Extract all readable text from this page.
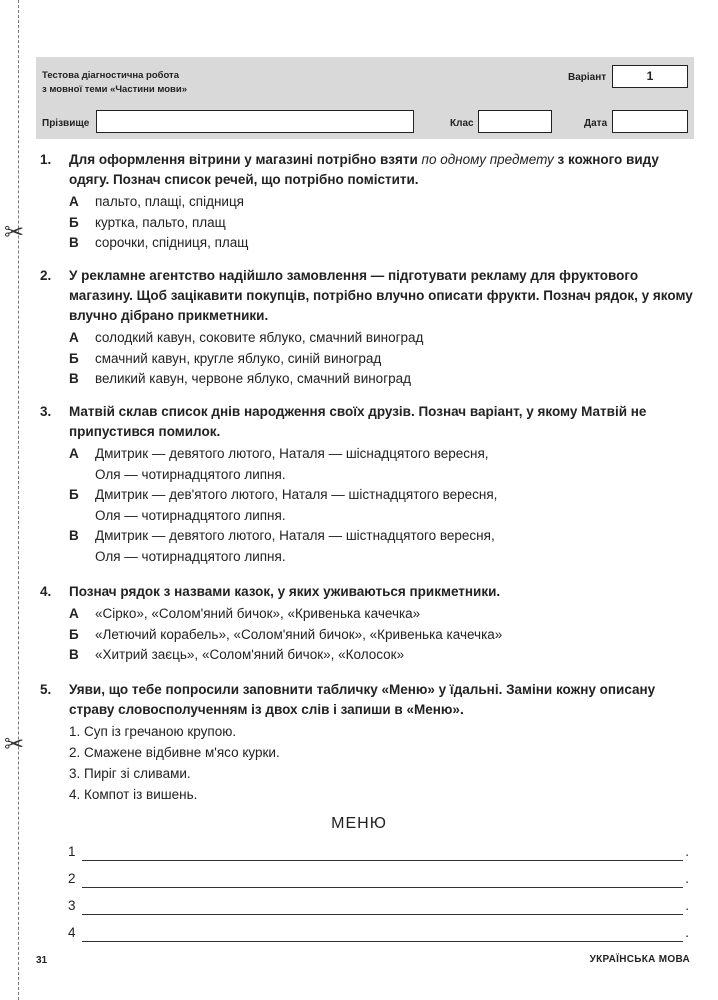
✂
✂
Тестова діагностична робота
з мовної теми «Частини мови»
Варіант	1
Прізвище	Клас	Дата
1. Для оформлення вітрини у магазині потрібно взяти по одному предмету з кожного виду одягу. Познач список речей, що потрібно помістити.
А пальто, плащі, спідниця
Б куртка, пальто, плащ
В сорочки, спідниця, плащ
2. У рекламне агентство надійшло замовлення — підготувати рекламу для фруктового магазину. Щоб зацікавити покупців, потрібно влучно описати фрукти. Познач рядок, у якому влучно дібрано прикметники.
А солодкий кавун, соковите яблуко, смачний виноград
Б смачний кавун, кругле яблуко, синій виноград
В великий кавун, червоне яблуко, смачний виноград
3. Матвій склав список днів народження своїх друзів. Познач варіант, у якому Матвій не припустився помилок.
А Дмитрик — девятого лютого, Наталя — шіснадцятого вересня,
Оля — чотирнадцятого липня.
Б Дмитрик — дев'ятого лютого, Наталя — шістнадцятого вересня,
Оля — чотирнадцятого липня.
В Дмитрик — девятого лютого, Наталя — шістнадцятого вересня,
Оля — чотирнадцятого липня.
4. Познач рядок з назвами казок, у яких уживаються прикметники.
А «Сірко», «Солом'яний бичок», «Кривенька качечка»
Б «Летючий корабель», «Солом'яний бичок», «Кривенька качечка»
В «Хитрий заєць», «Солом'яний бичок», «Колосок»
5. Уяви, що тебе попросили заповнити табличку «Меню» у їдальні. Заміни кожну описану страву словосполученням із двох слів і запиши в «Меню».
1. Суп із гречаною крупою.
2. Смажене відбивне м'ясо курки.
3. Пиріг зі сливами.
4. Компот із вишень.
МЕНЮ
1	.
2	.
3	.
4	.
31	УКРАЇНСЬКА МОВА
